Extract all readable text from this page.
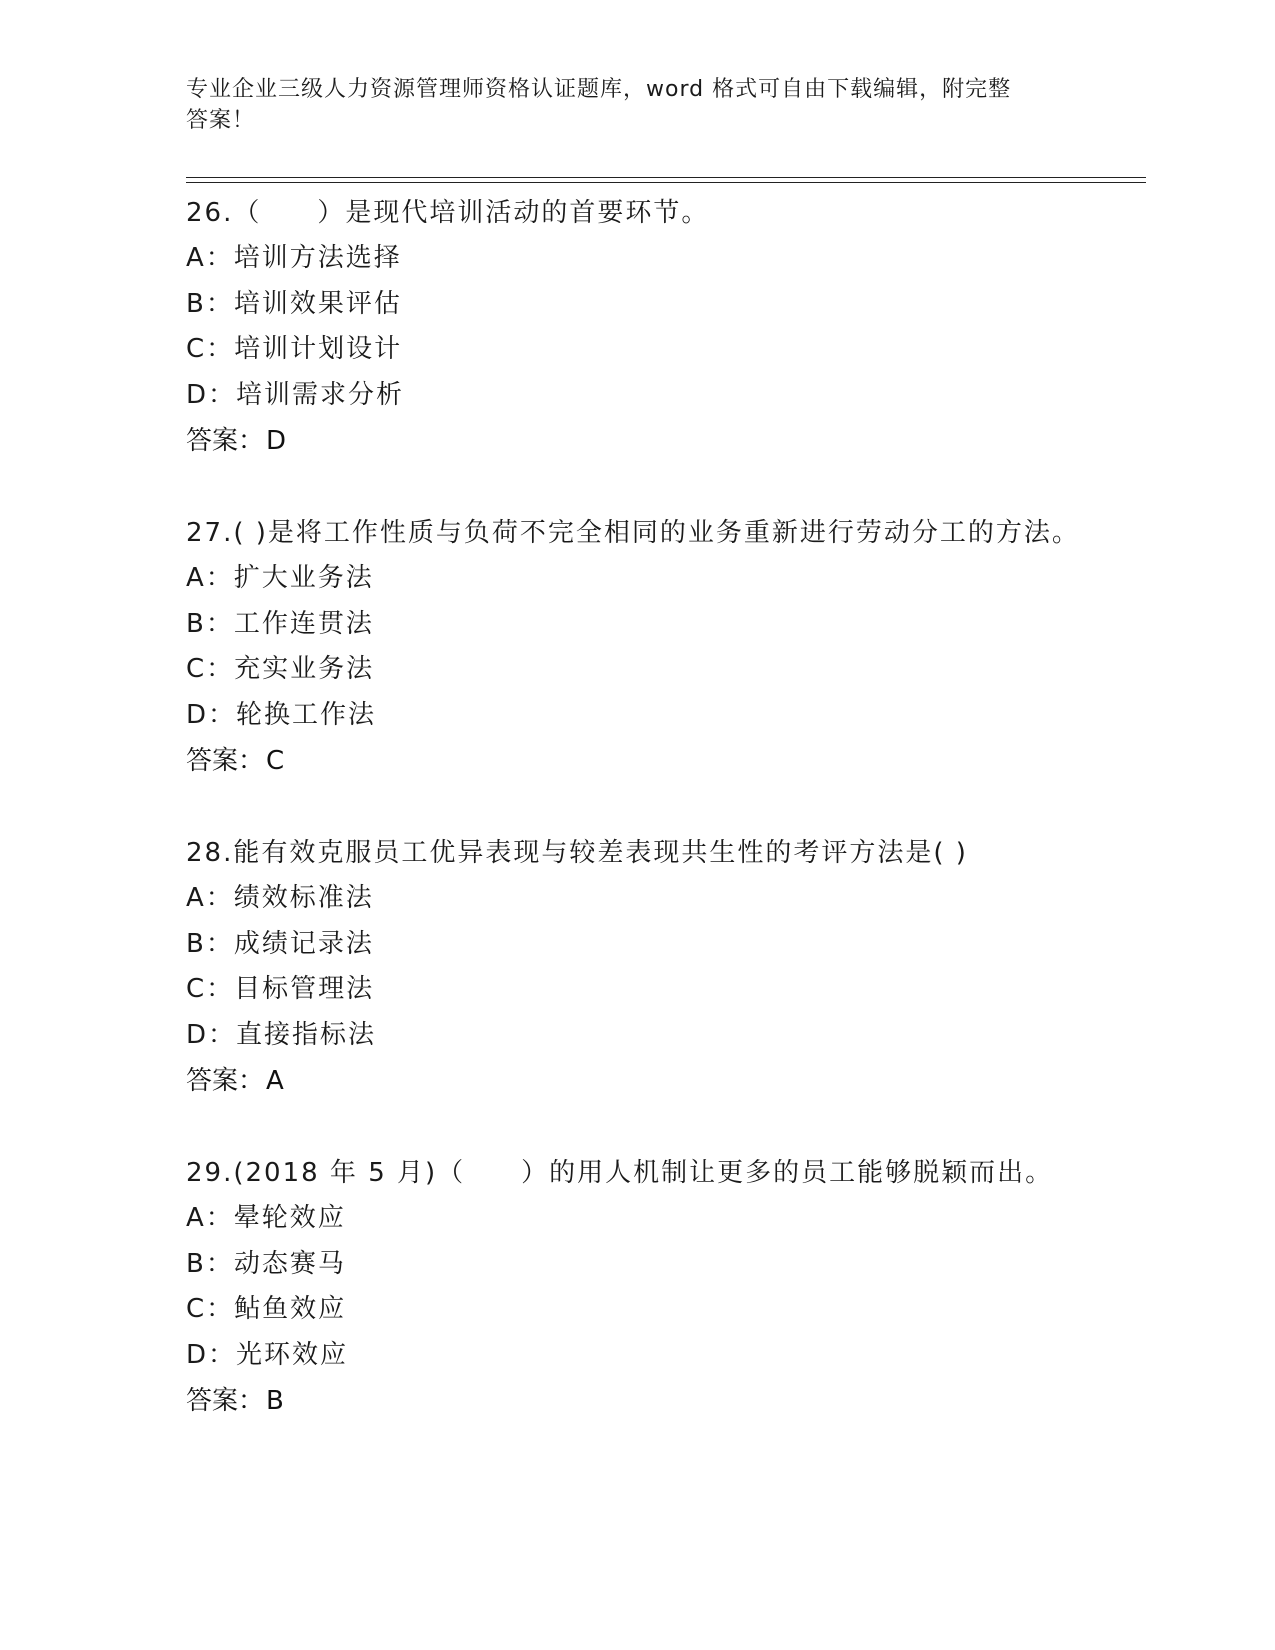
专业企业三级人力资源管理师资格认证题库，word 格式可自由下载编辑，附完整
答案！
26.（　　）是现代培训活动的首要环节。
A：培训方法选择
B：培训效果评估
C：培训计划设计
D：培训需求分析
答案：D
27.( )是将工作性质与负荷不完全相同的业务重新进行劳动分工的方法。
A：扩大业务法
B：工作连贯法
C：充实业务法
D：轮换工作法
答案：C
28.能有效克服员工优异表现与较差表现共生性的考评方法是( )
A：绩效标准法
B：成绩记录法
C：目标管理法
D：直接指标法
答案：A
29.(2018 年 5 月)（　　）的用人机制让更多的员工能够脱颖而出。
A：晕轮效应
B：动态赛马
C：鲇鱼效应
D：光环效应
答案：B
